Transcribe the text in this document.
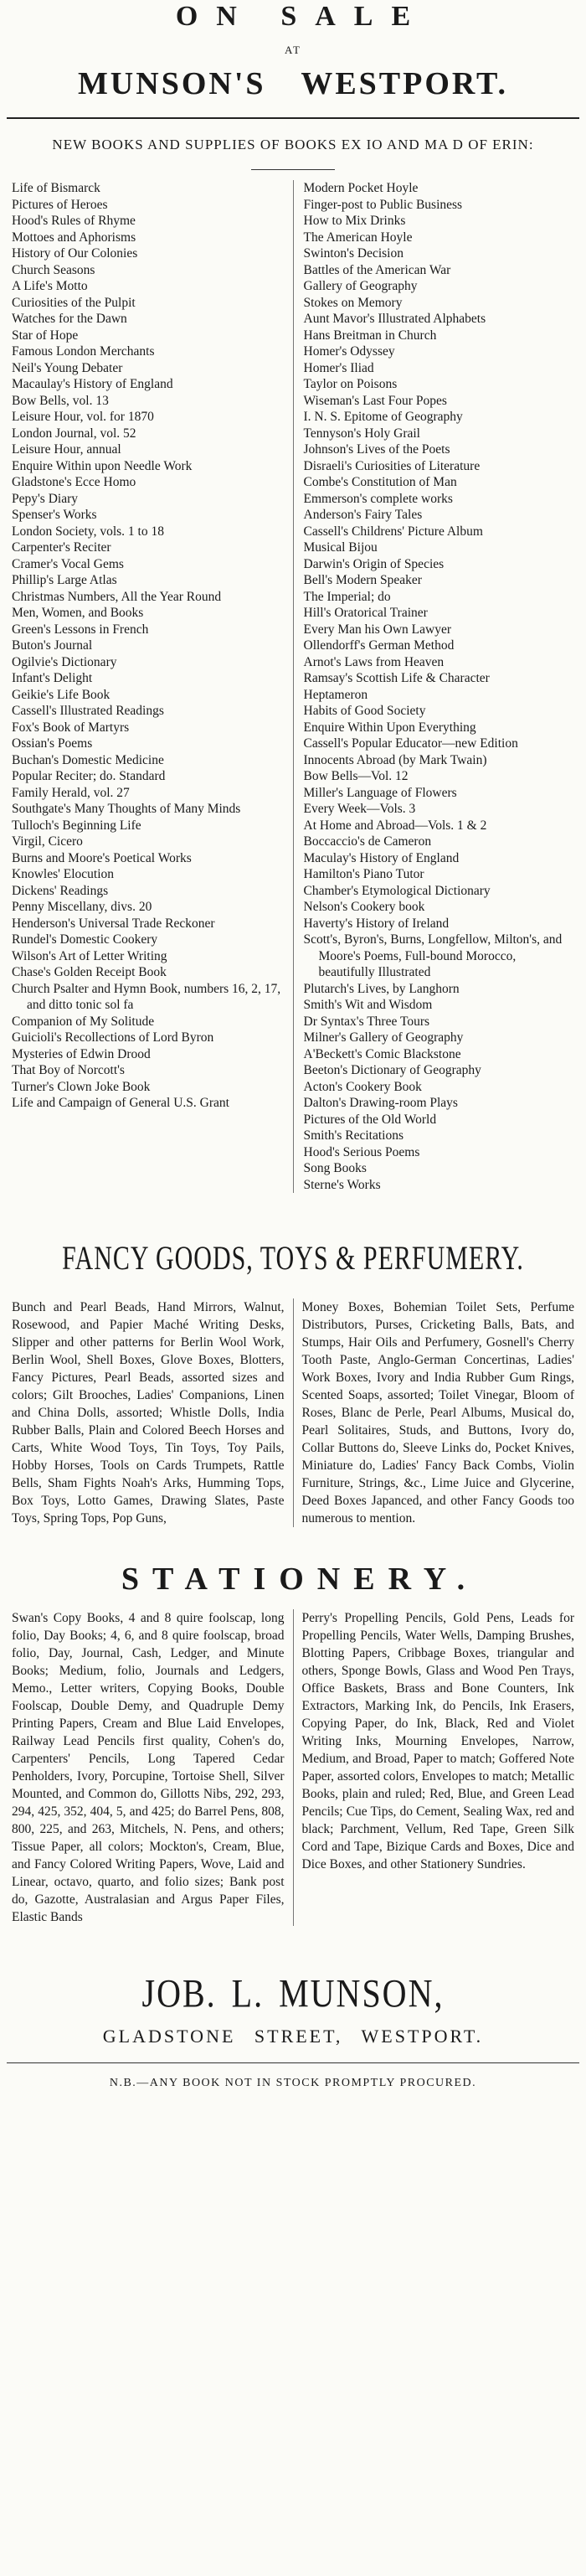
ON SALE
AT
MUNSON'S WESTPORT.
NEW BOOKS AND SUPPLIES OF BOOKS EX IO AND MA D OF ERIN:
Life of Bismarck
Pictures of Heroes
Hood's Rules of Rhyme
Mottoes and Aphorisms
History of Our Colonies
Church Seasons
A Life's Motto
Curiosities of the Pulpit
Watches for the Dawn
Star of Hope
Famous London Merchants
Neil's Young Debater
Macaulay's History of England
Bow Bells, vol. 13
Leisure Hour, vol. for 1870
London Journal, vol. 52
Leisure Hour, annual
Enquire Within upon Needle Work
Gladstone's Ecce Homo
Pepy's Diary
Spenser's Works
London Society, vols. 1 to 18
Carpenter's Reciter
Cramer's Vocal Gems
Phillip's Large Atlas
Christmas Numbers, All the Year Round
Men, Women, and Books
Green's Lessons in French
Buton's Journal
Ogilvie's Dictionary
Infant's Delight
Geikie's Life Book
Cassell's Illustrated Readings
Fox's Book of Martyrs
Ossian's Poems
Buchan's Domestic Medicine
Popular Reciter; do. Standard
Family Herald, vol. 27
Southgate's Many Thoughts of Many Minds
Tulloch's Beginning Life
Virgil, Cicero
Burns and Moore's Poetical Works
Knowles' Elocution
Dickens' Readings
Penny Miscellany, divs. 20
Henderson's Universal Trade Reckoner
Rundel's Domestic Cookery
Wilson's Art of Letter Writing
Chase's Golden Receipt Book
Church Psalter and Hymn Book, numbers 16, 2, 17, and ditto tonic sol fa
Companion of My Solitude
Guicioli's Recollections of Lord Byron
Mysteries of Edwin Drood
That Boy of Norcott's
Turner's Clown Joke Book
Life and Campaign of General U.S. Grant
Modern Pocket Hoyle
Finger-post to Public Business
How to Mix Drinks
The American Hoyle
Swinton's Decision
Battles of the American War
Gallery of Geography
Stokes on Memory
Aunt Mavor's Illustrated Alphabets
Hans Breitman in Church
Homer's Odyssey
Homer's Iliad
Taylor on Poisons
Wiseman's Last Four Popes
I. N. S. Epitome of Geography
Tennyson's Holy Grail
Johnson's Lives of the Poets
Disraeli's Curiosities of Literature
Combe's Constitution of Man
Emmerson's complete works
Anderson's Fairy Tales
Cassell's Childrens' Picture Album
Musical Bijou
Darwin's Origin of Species
Bell's Modern Speaker
The Imperial; do
Hill's Oratorical Trainer
Every Man his Own Lawyer
Ollendorff's German Method
Arnot's Laws from Heaven
Ramsay's Scottish Life & Character
Heptameron
Habits of Good Society
Enquire Within Upon Everything
Cassell's Popular Educator—new Edition
Innocents Abroad (by Mark Twain)
Bow Bells—Vol. 12
Miller's Language of Flowers
Every Week—Vols. 3
At Home and Abroad—Vols. 1 & 2
Boccaccio's de Cameron
Maculay's History of England
Hamilton's Piano Tutor
Chamber's Etymological Dictionary
Nelson's Cookery book
Haverty's History of Ireland
Scott's, Byron's, Burns, Longfellow, Milton's, and Moore's Poems, Full-bound Morocco, beautifully Illustrated
Plutarch's Lives, by Langhorn
Smith's Wit and Wisdom
Dr Syntax's Three Tours
Milner's Gallery of Geography
A'Beckett's Comic Blackstone
Beeton's Dictionary of Geography
Acton's Cookery Book
Dalton's Drawing-room Plays
Pictures of the Old World
Smith's Recitations
Hood's Serious Poems
Song Books
Sterne's Works
FANCY GOODS, TOYS & PERFUMERY.
Bunch and Pearl Beads, Hand Mirrors, Walnut, Rosewood, and Papier Maché Writing Desks, Slipper and other patterns for Berlin Wool Work, Berlin Wool, Shell Boxes, Glove Boxes, Blotters, Fancy Pictures, Pearl Beads, assorted sizes and colors; Gilt Brooches, Ladies' Companions, Linen and China Dolls, assorted; Whistle Dolls, India Rubber Balls, Plain and Colored Beech Horses and Carts, White Wood Toys, Tin Toys, Toy Pails, Hobby Horses, Tools on Cards Trumpets, Rattle Bells, Sham Fights Noah's Arks, Humming Tops, Box Toys, Lotto Games, Drawing Slates, Paste Toys, Spring Tops, Pop Guns,
Money Boxes, Bohemian Toilet Sets, Perfume Distributors, Purses, Cricketing Balls, Bats, and Stumps, Hair Oils and Perfumery, Gosnell's Cherry Tooth Paste, Anglo-German Concertinas, Ladies' Work Boxes, Ivory and India Rubber Gum Rings, Scented Soaps, assorted; Toilet Vinegar, Bloom of Roses, Blanc de Perle, Pearl Albums, Musical do, Pearl Solitaires, Studs, and Buttons, Ivory do, Collar Buttons do, Sleeve Links do, Pocket Knives, Miniature do, Ladies' Fancy Back Combs, Violin Furniture, Strings, &c., Lime Juice and Glycerine, Deed Boxes Japanced, and other Fancy Goods too numerous to mention.
STATIONERY.
Swan's Copy Books, 4 and 8 quire foolscap, long folio, Day Books; 4, 6, and 8 quire foolscap, broad folio, Day, Journal, Cash, Ledger, and Minute Books; Medium, folio, Journals and Ledgers, Memo., Letter writers, Copying Books, Double Foolscap, Double Demy, and Quadruple Demy Printing Papers, Cream and Blue Laid Envelopes, Railway Lead Pencils first quality, Cohen's do, Carpenters' Pencils, Long Tapered Cedar Penholders, Ivory, Porcupine, Tortoise Shell, Silver Mounted, and Common do, Gillotts Nibs, 292, 293, 294, 425, 352, 404, 5, and 425; do Barrel Pens, 808, 800, 225, and 263, Mitchels, N. Pens, and others; Tissue Paper, all colors; Mockton's, Cream, Blue, and Fancy Colored Writing Papers, Wove, Laid and Linear, octavo, quarto, and folio sizes; Bank post do, Gazotte, Australasian and Argus Paper Files, Elastic Bands
Perry's Propelling Pencils, Gold Pens, Leads for Propelling Pencils, Water Wells, Damping Brushes, Blotting Papers, Cribbage Boxes, triangular and others, Sponge Bowls, Glass and Wood Pen Trays, Office Baskets, Brass and Bone Counters, Ink Extractors, Marking Ink, do Pencils, Ink Erasers, Copying Paper, do Ink, Black, Red and Violet Writing Inks, Mourning Envelopes, Narrow, Medium, and Broad, Paper to match; Goffered Note Paper, assorted colors, Envelopes to match; Metallic Books, plain and ruled; Red, Blue, and Green Lead Pencils; Cue Tips, do Cement, Sealing Wax, red and black; Parchment, Vellum, Red Tape, Green Silk Cord and Tape, Bizique Cards and Boxes, Dice and Dice Boxes, and other Stationery Sundries.
JOB. L. MUNSON,
GLADSTONE STREET, WESTPORT.
N.B.—ANY BOOK NOT IN STOCK PROMPTLY PROCURED.
